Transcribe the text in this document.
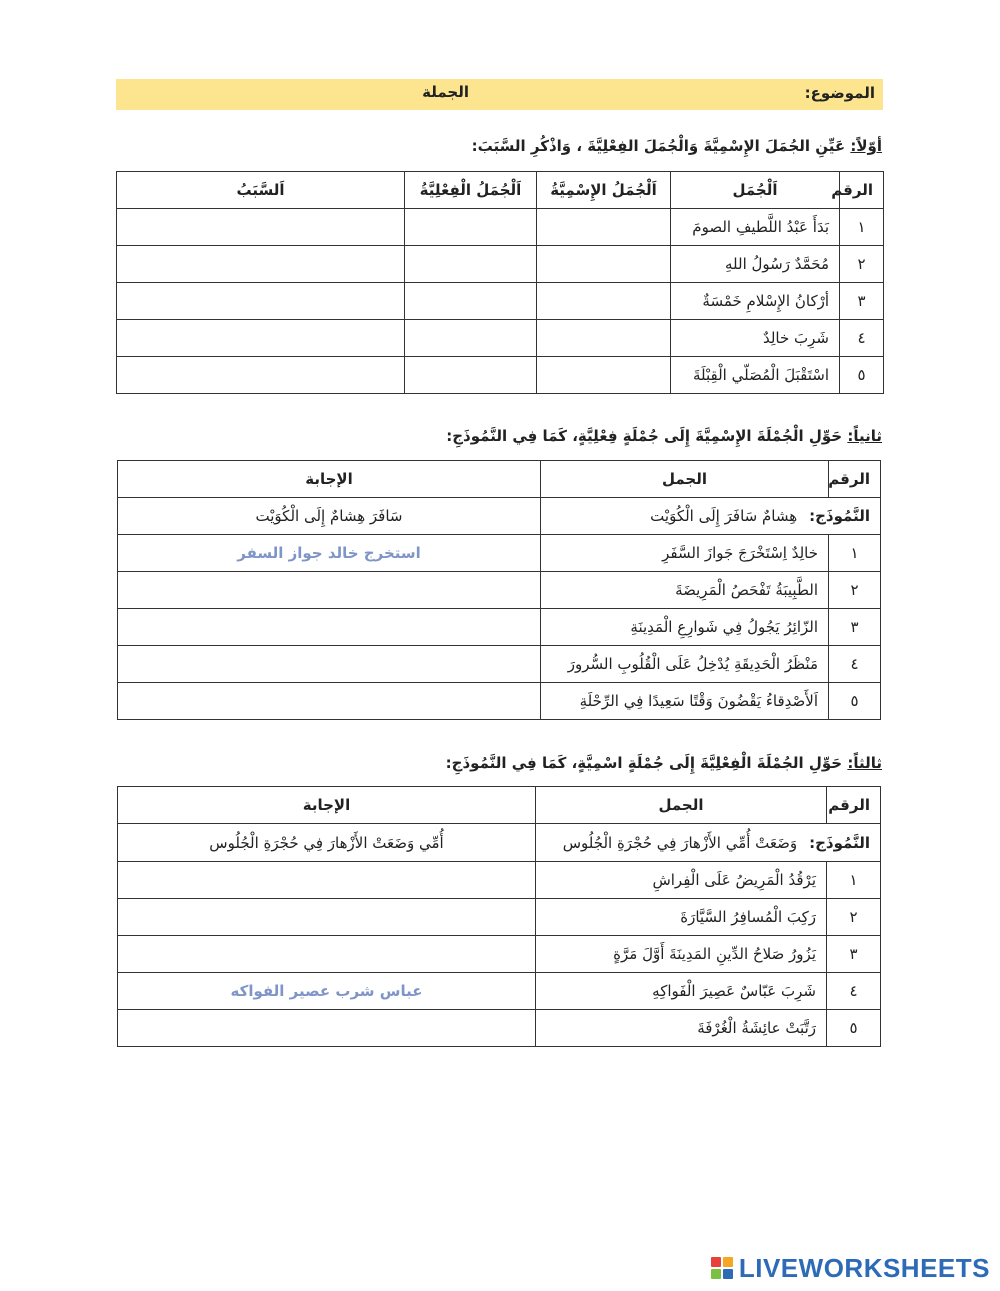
الموضوع:
الجملة
أوّلاً: عَيِّنِ الجُمَلَ الإِسْمِيَّةَ وَالْجُمَلَ الفِعْلِيَّةَ ، وَاذْكُرِ السَّبَبَ:
الرقم	اَلْجُمَل	اَلْجُمَلُ الإِسْمِيَّةُ	اَلْجُمَلُ الْفِعْلِيَّةُ	اَلسَّبَبُ
١	بَدَأَ عَبْدُ اللَّطيفِ الصومَ			
٢	مُحَمَّدٌ رَسُولُ اللهِ			
٣	أرْكانُ الإِسْلامِ خَمْسَةٌ			
٤	شَرِبَ خالِدٌ			
٥	اسْتَقْبَلَ الْمُصَلّي الْقِبْلَةَ			
ثانياً: حَوِّلِ الْجُمْلَةَ الإِسْمِيَّةَ إِلَى جُمْلَةٍ فِعْلِيَّةٍ، كَمَا فِي النَّمُوذَجِ:
الرقم	الجمل	الإجابة
النَّمُوذَج:هِشامٌ سَافَرَ إِلَى الْكُوَيْت		سَافَرَ هِشامٌ إِلَى الْكُوَيْت
١	خالِدٌ اِسْتَخْرَجَ جَوازَ السَّفَرِ	استخرج خالد جواز السفر
٢	الطَّبِيبَةُ تَفْحَصُ الْمَرِيضَةَ	
٣	الزّائِرُ يَجُولُ فِي شَوارِعِ الْمَدِينَةِ	
٤	مَنْظَرُ الْحَدِيقَةِ يُدْخِلُ عَلَى الْقُلُوبِ السُّرورَ	
٥	اَلأَصْدِقاءُ يَقْضُونَ وَقْتًا سَعِيدًا فِي الرِّحْلَةِ	
ثالثاً: حَوِّلِ الجُمْلَةَ الْفِعْلِيَّةَ إِلَى جُمْلَةٍ اسْمِيَّةٍ، كَمَا فِي النَّمُوذَجِ:
الرقم	الجمل	الإجابة
النَّمُوذَج:وَضَعَتْ أُمِّي الأَزْهارَ فِي حُجْرَةِ الْجُلُوس		أُمِّي وَضَعَتْ الأَزْهارَ فِي حُجْرَةِ الْجُلُوس
١	يَرْقُدُ الْمَرِيضُ عَلَى الْفِراشِ	
٢	رَكِبَ الْمُسافِرُ السَّيَّارَةَ	
٣	يَزُورُ صَلاحُ الدِّينِ المَدِينَةَ أَوَّلَ مَرَّةٍ	
٤	شَرِبَ عَبّاسٌ عَصِيرَ الْفَواكِهِ	عباس شرب عصير الفواكه
٥	رَتَّبَتْ عائِشَةُ الْغُرْفَةَ	
LIVEWORKSHEETS
